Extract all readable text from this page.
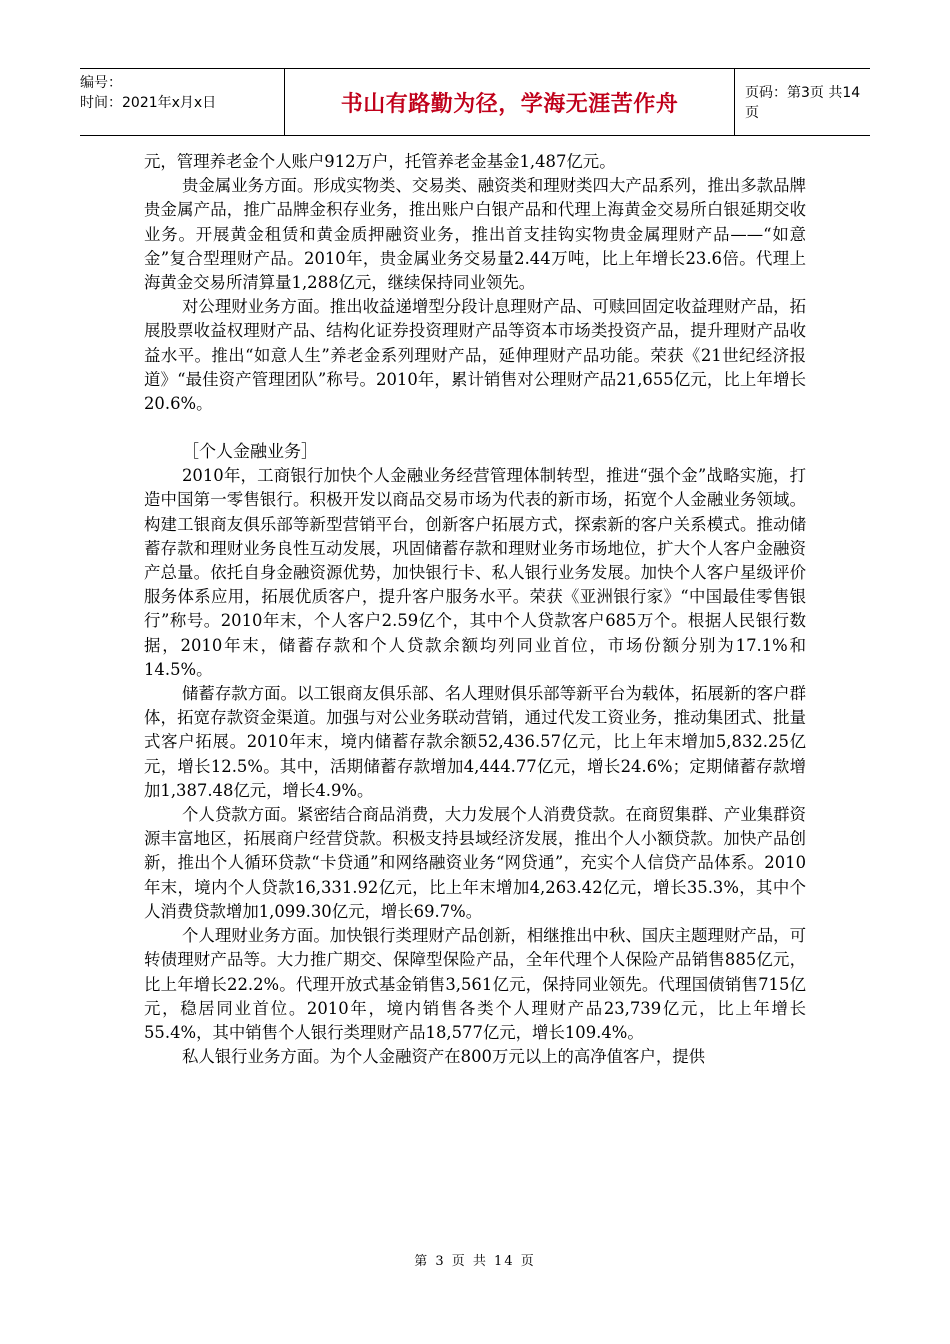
编号：
时间：2021年x月x日	书山有路勤为径，学海无涯苦作舟	页码：第3页 共14页

元，管理养老金个人账户912万户，托管养老金基金1,487亿元。

贵金属业务方面。形成实物类、交易类、融资类和理财类四大产品系列，推出多款品牌贵金属产品，推广品牌金积存业务，推出账户白银产品和代理上海黄金交易所白银延期交收业务。开展黄金租赁和黄金质押融资业务，推出首支挂钩实物贵金属理财产品——“如意金”复合型理财产品。2010年，贵金属业务交易量2.44万吨，比上年增长23.6倍。代理上海黄金交易所清算量1,288亿元，继续保持同业领先。

对公理财业务方面。推出收益递增型分段计息理财产品、可赎回固定收益理财产品，拓展股票收益权理财产品、结构化证券投资理财产品等资本市场类投资产品，提升理财产品收益水平。推出“如意人生”养老金系列理财产品，延伸理财产品功能。荣获《21世纪经济报道》“最佳资产管理团队”称号。2010年，累计销售对公理财产品21,655亿元，比上年增长20.6%。

［个人金融业务］

2010年，工商银行加快个人金融业务经营管理体制转型，推进“强个金”战略实施，打造中国第一零售银行。积极开发以商品交易市场为代表的新市场，拓宽个人金融业务领域。构建工银商友俱乐部等新型营销平台，创新客户拓展方式，探索新的客户关系模式。推动储蓄存款和理财业务良性互动发展，巩固储蓄存款和理财业务市场地位，扩大个人客户金融资产总量。依托自身金融资源优势，加快银行卡、私人银行业务发展。加快个人客户星级评价服务体系应用，拓展优质客户，提升客户服务水平。荣获《亚洲银行家》“中国最佳零售银行”称号。2010年末，个人客户2.59亿个，其中个人贷款客户685万个。根据人民银行数据，2010年末，储蓄存款和个人贷款余额均列同业首位，市场份额分别为17.1%和14.5%。

储蓄存款方面。以工银商友俱乐部、名人理财俱乐部等新平台为载体，拓展新的客户群体，拓宽存款资金渠道。加强与对公业务联动营销，通过代发工资业务，推动集团式、批量式客户拓展。2010年末，境内储蓄存款余额52,436.57亿元，比上年末增加5,832.25亿元，增长12.5%。其中，活期储蓄存款增加4,444.77亿元，增长24.6%；定期储蓄存款增加1,387.48亿元，增长4.9%。

个人贷款方面。紧密结合商品消费，大力发展个人消费贷款。在商贸集群、产业集群资源丰富地区，拓展商户经营贷款。积极支持县域经济发展，推出个人小额贷款。加快产品创新，推出个人循环贷款“卡贷通”和网络融资业务“网贷通”，充实个人信贷产品体系。2010年末，境内个人贷款16,331.92亿元，比上年末增加4,263.42亿元，增长35.3%，其中个人消费贷款增加1,099.30亿元，增长69.7%。

个人理财业务方面。加快银行类理财产品创新，相继推出中秋、国庆主题理财产品，可转债理财产品等。大力推广期交、保障型保险产品，全年代理个人保险产品销售885亿元，比上年增长22.2%。代理开放式基金销售3,561亿元，保持同业领先。代理国债销售715亿元，稳居同业首位。2010年，境内销售各类个人理财产品23,739亿元，比上年增长55.4%，其中销售个人银行类理财产品18,577亿元，增长109.4%。

私人银行业务方面。为个人金融资产在800万元以上的高净值客户，提供

第 3 页 共 14 页
